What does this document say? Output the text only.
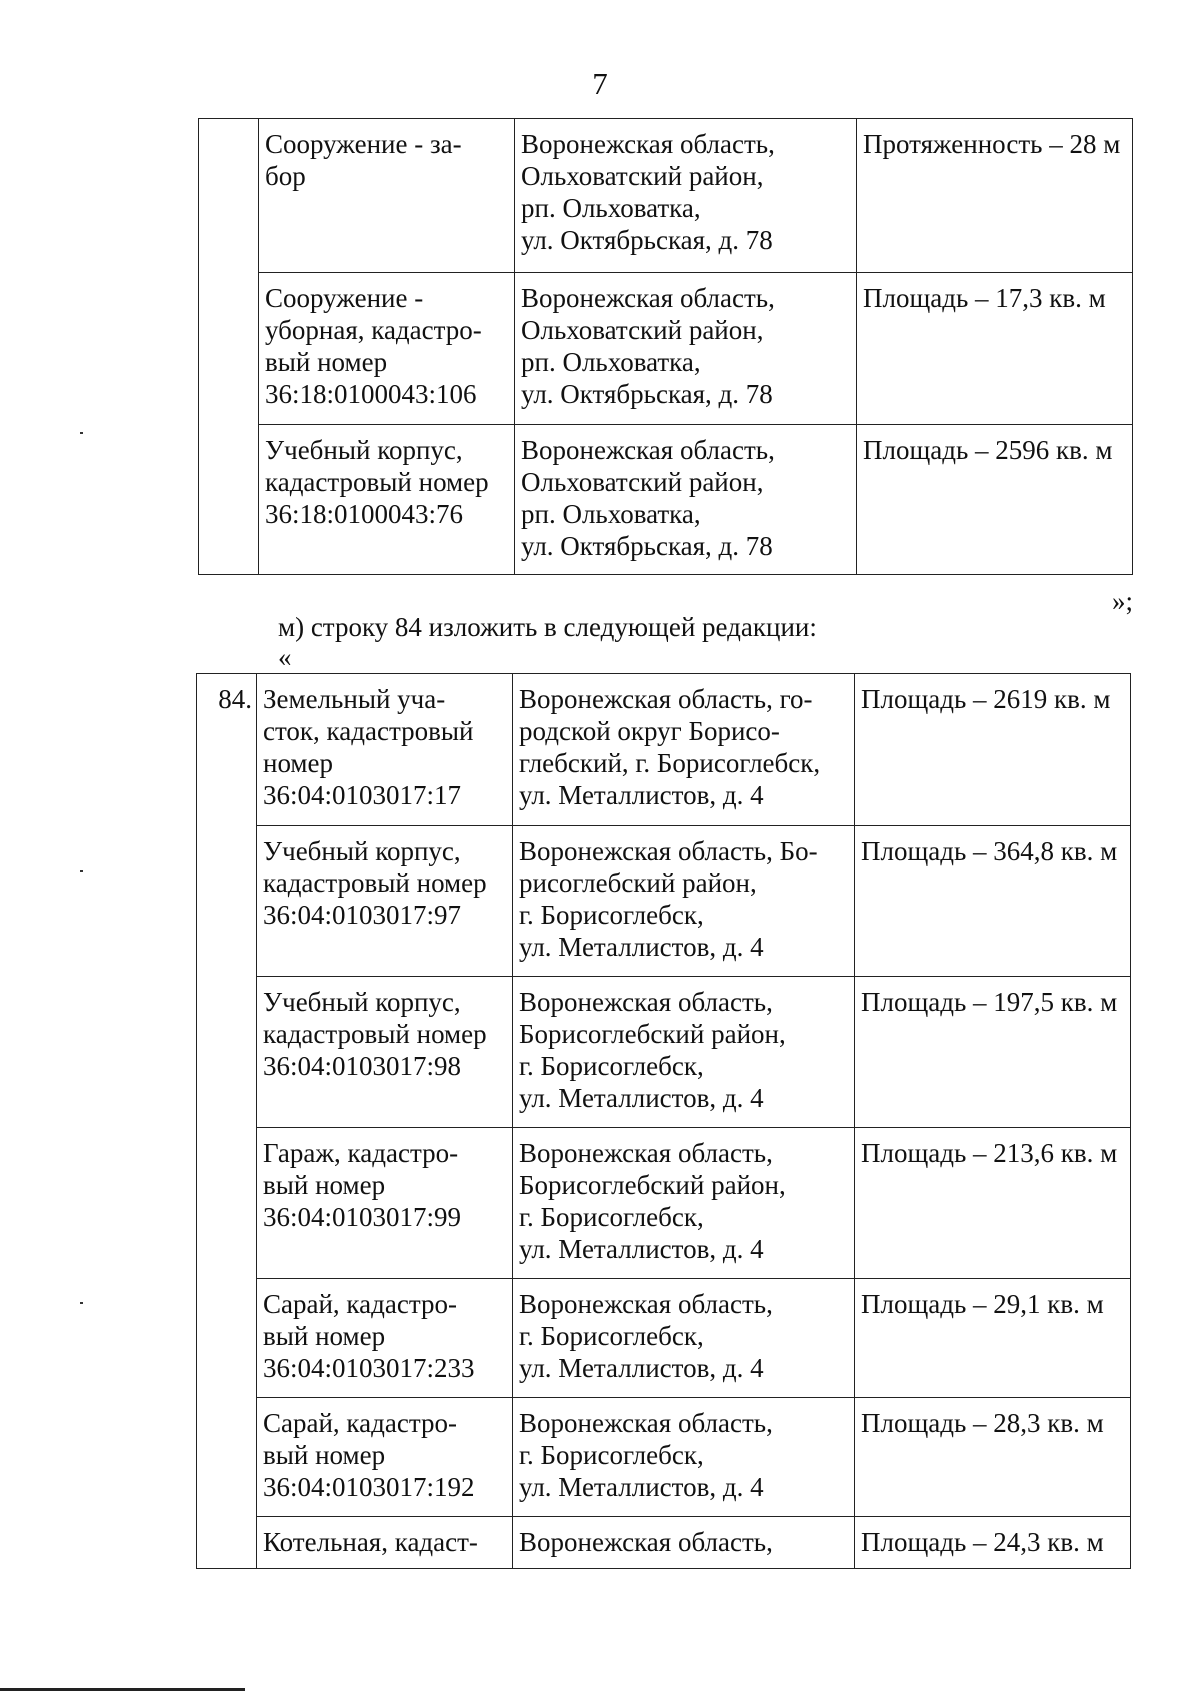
7
	Сооружение - за-
бор	Воронежская область,
Ольховатский район,
рп. Ольховатка,
ул. Октябрьская, д. 78	Протяженность – 28 м
	Сооружение -
уборная, кадастро-
вый номер
36:18:0100043:106	Воронежская область,
Ольховатский район,
рп. Ольховатка,
ул. Октябрьская, д. 78	Площадь – 17,3 кв. м
	Учебный корпус,
кадастровый номер
36:18:0100043:76	Воронежская область,
Ольховатский район,
рп. Ольховатка,
ул. Октябрьская, д. 78	Площадь – 2596 кв. м
»;
м) строку 84 изложить в следующей редакции:
«
84.	Земельный уча-
сток, кадастровый
номер
36:04:0103017:17	Воронежская область, го-
родской округ Борисо-
глебский, г. Борисоглебск,
ул. Металлистов, д. 4	Площадь – 2619 кв. м
	Учебный корпус,
кадастровый номер
36:04:0103017:97	Воронежская область, Бо-
рисоглебский район,
г. Борисоглебск,
ул. Металлистов, д. 4	Площадь – 364,8 кв. м
	Учебный корпус,
кадастровый номер
36:04:0103017:98	Воронежская область,
Борисоглебский район,
г. Борисоглебск,
ул. Металлистов, д. 4	Площадь – 197,5 кв. м
	Гараж, кадастро-
вый номер
36:04:0103017:99	Воронежская область,
Борисоглебский район,
г. Борисоглебск,
ул. Металлистов, д. 4	Площадь – 213,6 кв. м
	Сарай, кадастро-
вый номер
36:04:0103017:233	Воронежская область,
г. Борисоглебск,
ул. Металлистов, д. 4	Площадь – 29,1 кв. м
	Сарай, кадастро-
вый номер
36:04:0103017:192	Воронежская область,
г. Борисоглебск,
ул. Металлистов, д. 4	Площадь – 28,3 кв. м
	Котельная, кадаст-	Воронежская область,	Площадь – 24,3 кв. м
